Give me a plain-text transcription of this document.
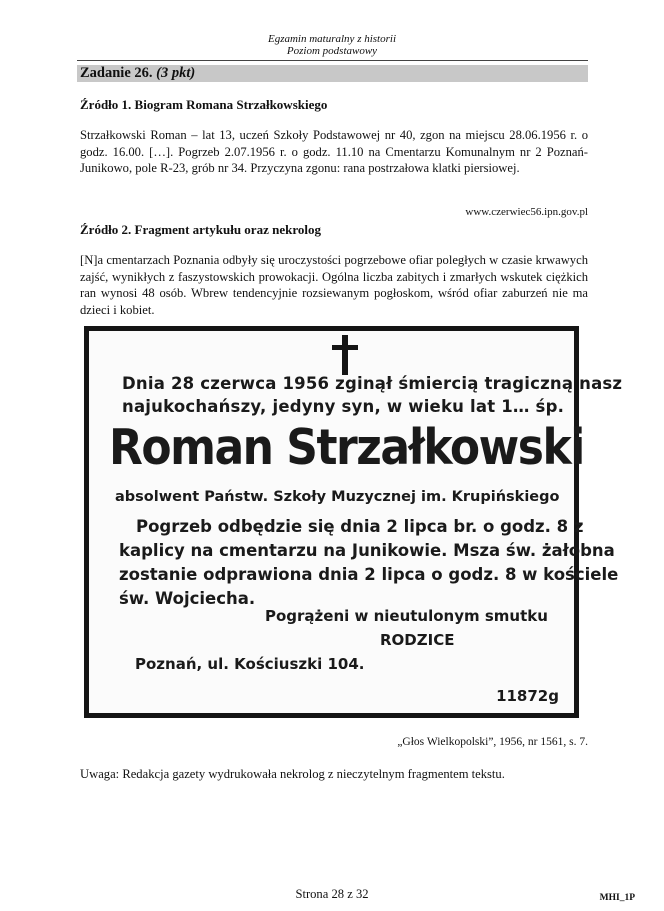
Egzamin maturalny z historii
Poziom podstawowy
Zadanie 26. (3 pkt)
Źródło 1. Biogram Romana Strzałkowskiego

Strzałkowski Roman – lat 13, uczeń Szkoły Podstawowej nr 40, zgon na miejscu 28.06.1956 r. o godz. 16.00. […]. Pogrzeb 2.07.1956 r. o godz. 11.10 na Cmentarzu Komunalnym nr 2 Poznań-Junikowo, pole R-23, grób nr 34. Przyczyna zgonu: rana postrzałowa klatki piersiowej.

www.czerwiec56.ipn.gov.pl
Źródło 2. Fragment artykułu oraz nekrolog

[N]a cmentarzach Poznania odbyły się uroczystości pogrzebowe ofiar poległych w czasie krwawych zajść, wynikłych z faszystowskich prowokacji. Ogólna liczba zabitych i zmarłych wskutek ciężkich ran wynosi 48 osób. Wbrew tendencyjnie rozsiewanym pogłoskom, wśród ofiar zaburzeń nie ma dzieci i kobiet.

Dnia 28 czerwca 1956 zginął śmiercią tragiczną nasz
najukochańszy, jedyny syn, w wieku lat 1… śp.
Roman Strzałkowski
absolwent Państw. Szkoły Muzycznej im. Krupińskiego
Pogrzeb odbędzie się dnia 2 lipca br. o godz. 8 z
kaplicy na cmentarzu na Junikowie. Msza św. żałobna
zostanie odprawiona dnia 2 lipca o godz. 8 w kościele
św. Wojciecha.
Pogrążeni w nieutulonym smutku
RODZICE
Poznań, ul. Kościuszki 104.
11872g
„Głos Wielkopolski”, 1956, nr 1561, s. 7.
Uwaga: Redakcja gazety wydrukowała nekrolog z nieczytelnym fragmentem tekstu.
Strona 28 z 32	MHI_1P
